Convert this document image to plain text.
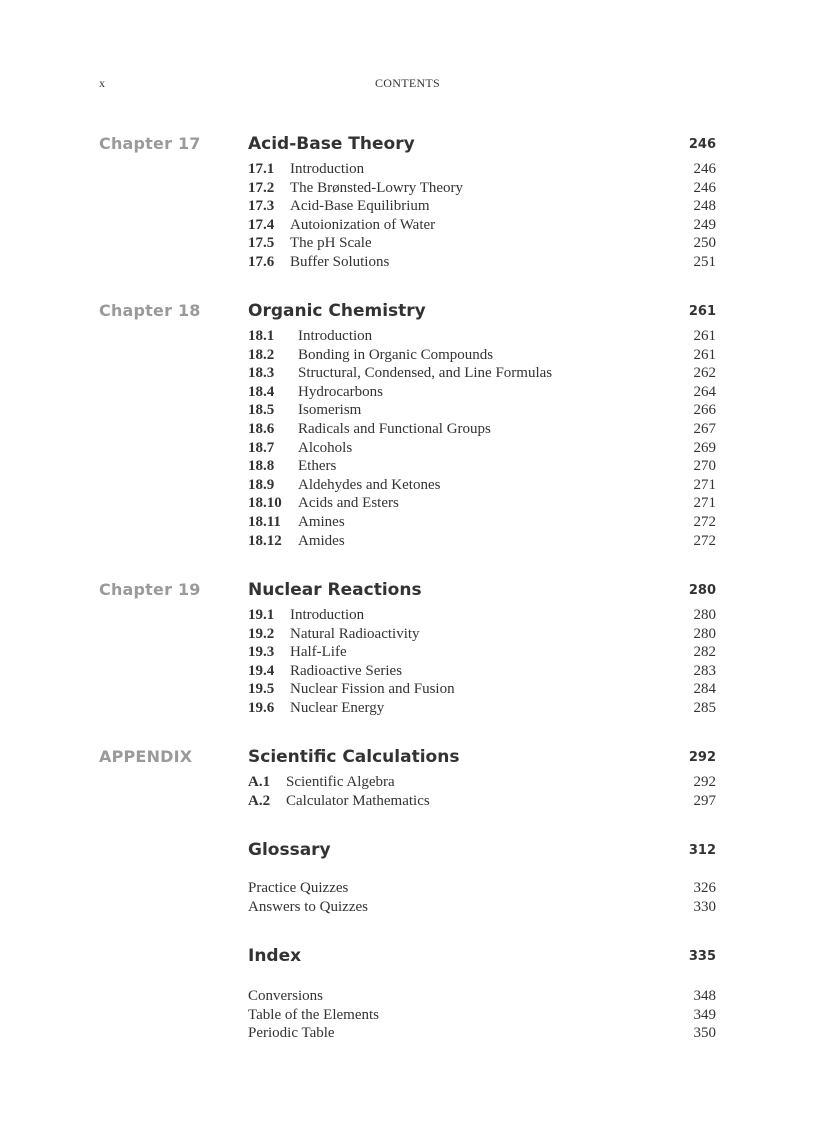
x	CONTENTS
Chapter 17	Acid-Base Theory	246
17.1 Introduction	246
17.2 The Brønsted-Lowry Theory	246
17.3 Acid-Base Equilibrium	248
17.4 Autoionization of Water	249
17.5 The pH Scale	250
17.6 Buffer Solutions	251
Chapter 18	Organic Chemistry	261
18.1 Introduction	261
18.2 Bonding in Organic Compounds	261
18.3 Structural, Condensed, and Line Formulas	262
18.4 Hydrocarbons	264
18.5 Isomerism	266
18.6 Radicals and Functional Groups	267
18.7 Alcohols	269
18.8 Ethers	270
18.9 Aldehydes and Ketones	271
18.10 Acids and Esters	271
18.11 Amines	272
18.12 Amides	272
Chapter 19	Nuclear Reactions	280
19.1 Introduction	280
19.2 Natural Radioactivity	280
19.3 Half-Life	282
19.4 Radioactive Series	283
19.5 Nuclear Fission and Fusion	284
19.6 Nuclear Energy	285
APPENDIX	Scientific Calculations	292
A.1 Scientific Algebra	292
A.2 Calculator Mathematics	297
Glossary	312
Practice Quizzes	326
Answers to Quizzes	330
Index	335
Conversions	348
Table of the Elements	349
Periodic Table	350
